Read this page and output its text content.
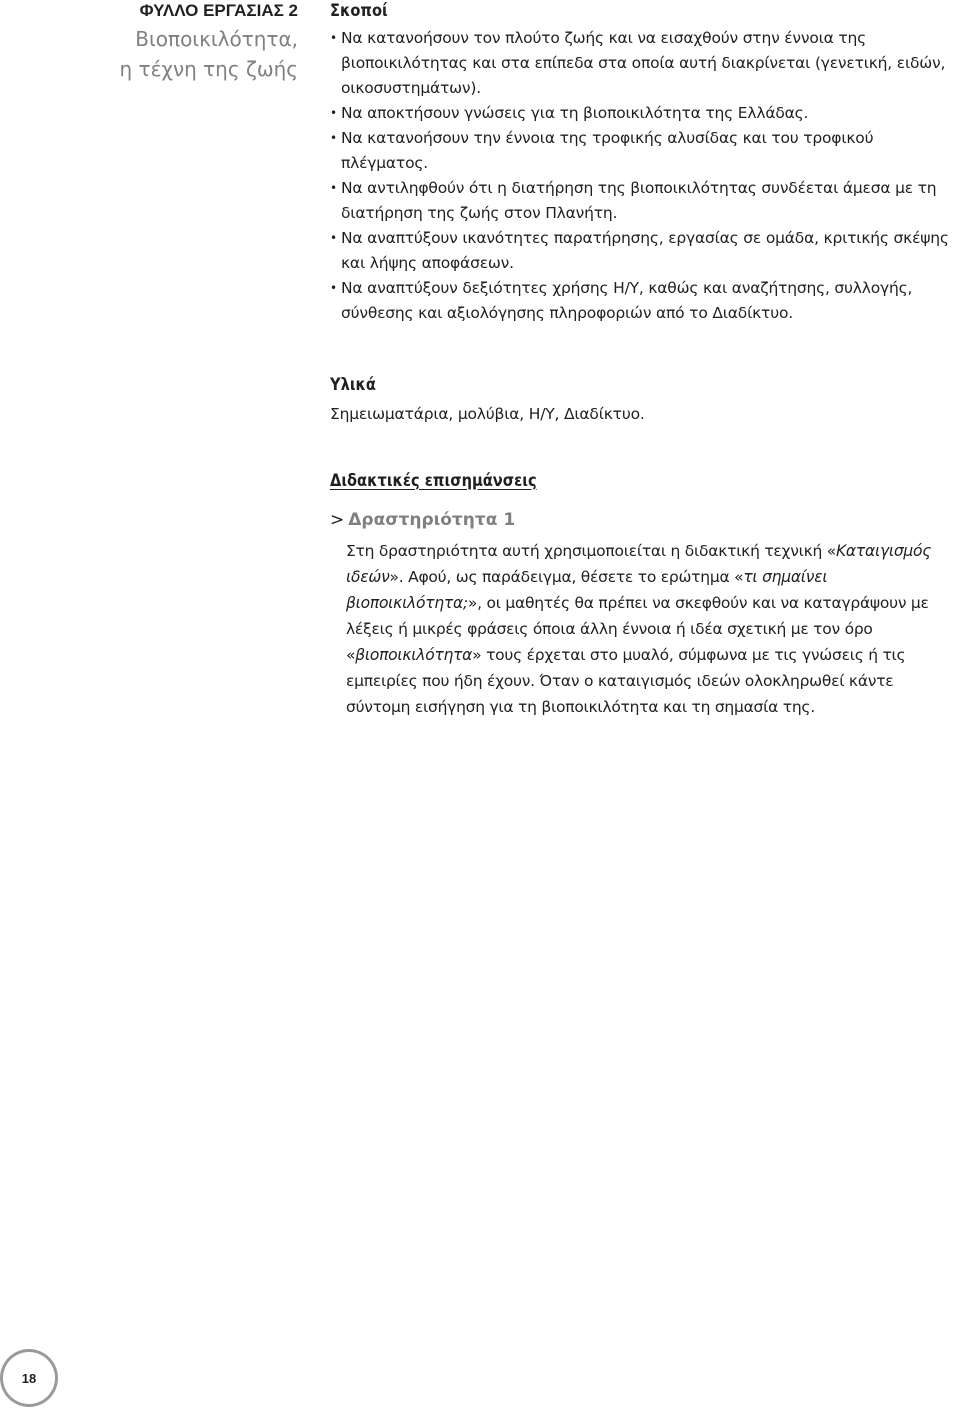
ΦΥΛΛΟ ΕΡΓΑΣΙΑΣ 2
Βιοποικιλότητα,
η τέχνη της ζωής
Σκοποί
• Να κατανοήσουν τον πλούτο ζωής και να εισαχθούν στην έννοια της βιοποικιλότητας και στα επίπεδα στα οποία αυτή διακρίνεται (γενετική, ειδών, οικοσυστημάτων).
• Να αποκτήσουν γνώσεις για τη βιοποικιλότητα της Ελλάδας.
• Να κατανοήσουν την έννοια της τροφικής αλυσίδας και του τροφικού πλέγματος.
• Να αντιληφθούν ότι η διατήρηση της βιοποικιλότητας συνδέεται άμεσα με τη διατήρηση της ζωής στον Πλανήτη.
• Να αναπτύξουν ικανότητες παρατήρησης, εργασίας σε ομάδα, κριτικής σκέψης και λήψης αποφάσεων.
• Να αναπτύξουν δεξιότητες χρήσης Η/Υ, καθώς και αναζήτησης, συλλογής, σύνθεσης και αξιολόγησης πληροφοριών από το Διαδίκτυο.
Υλικά

Σημειωματάρια, μολύβια, Η/Υ, Διαδίκτυο.

Διδακτικές επισημάνσεις
> Δραστηριότητα 1

Στη δραστηριότητα αυτή χρησιμοποιείται η διδακτική τεχνική «Καταιγισμός ιδεών». Αφού, ως παράδειγμα, θέσετε το ερώτημα «τι σημαίνει βιοποικιλότητα;», οι μαθητές θα πρέπει να σκεφθούν και να καταγράψουν με λέξεις ή μικρές φράσεις όποια άλλη έννοια ή ιδέα σχετική με τον όρο «βιοποικιλότητα» τους έρχεται στο μυαλό, σύμφωνα με τις γνώσεις ή τις εμπειρίες που ήδη έχουν. Όταν ο καταιγισμός ιδεών ολοκληρωθεί κάντε σύντομη εισήγηση για τη βιοποικιλότητα και τη σημασία της.

18
